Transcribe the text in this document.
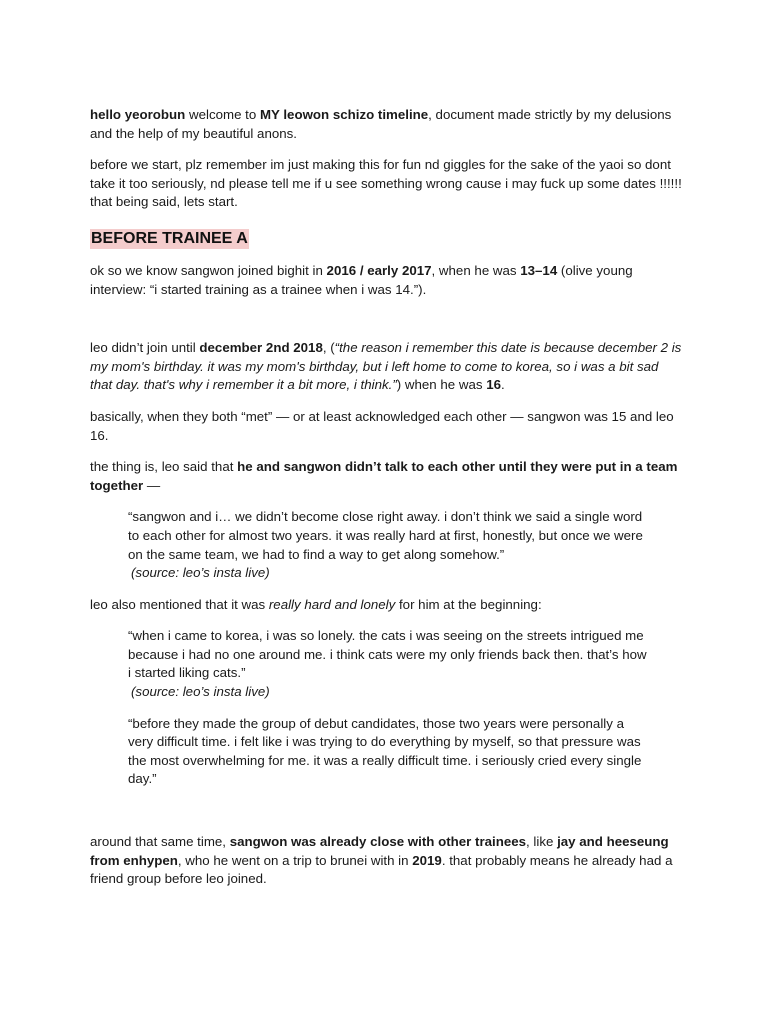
hello yeorobun welcome to MY leowon schizo timeline, document made strictly by my delusions and the help of my beautiful anons.

before we start, plz remember im just making this for fun nd giggles for the sake of the yaoi so dont take it too seriously, nd please tell me if u see something wrong cause i may fuck up some dates !!!!!! that being said, lets start.

BEFORE TRAINEE A

ok so we know sangwon joined bighit in 2016 / early 2017, when he was 13–14 (olive young interview: “i started training as a trainee when i was 14.”).

leo didn’t join until december 2nd 2018, (“the reason i remember this date is because december 2 is my mom's birthday. it was my mom's birthday, but i left home to come to korea, so i was a bit sad that day. that's why i remember it a bit more, i think.”) when he was 16.

basically, when they both “met” — or at least acknowledged each other — sangwon was 15 and leo 16.

the thing is, leo said that he and sangwon didn’t talk to each other until they were put in a team together —

“sangwon and i… we didn’t become close right away. i don’t think we said a single word to each other for almost two years. it was really hard at first, honestly, but once we were on the same team, we had to find a way to get along somehow.”

(source: leo’s insta live)

leo also mentioned that it was really hard and lonely for him at the beginning:

“when i came to korea, i was so lonely. the cats i was seeing on the streets intrigued me because i had no one around me. i think cats were my only friends back then. that’s how i started liking cats.”

(source: leo’s insta live)

“before they made the group of debut candidates, those two years were personally a very difficult time. i felt like i was trying to do everything by myself, so that pressure was the most overwhelming for me. it was a really difficult time. i seriously cried every single day.”

around that same time, sangwon was already close with other trainees, like jay and heeseung from enhypen, who he went on a trip to brunei with in 2019. that probably means he already had a friend group before leo joined.
